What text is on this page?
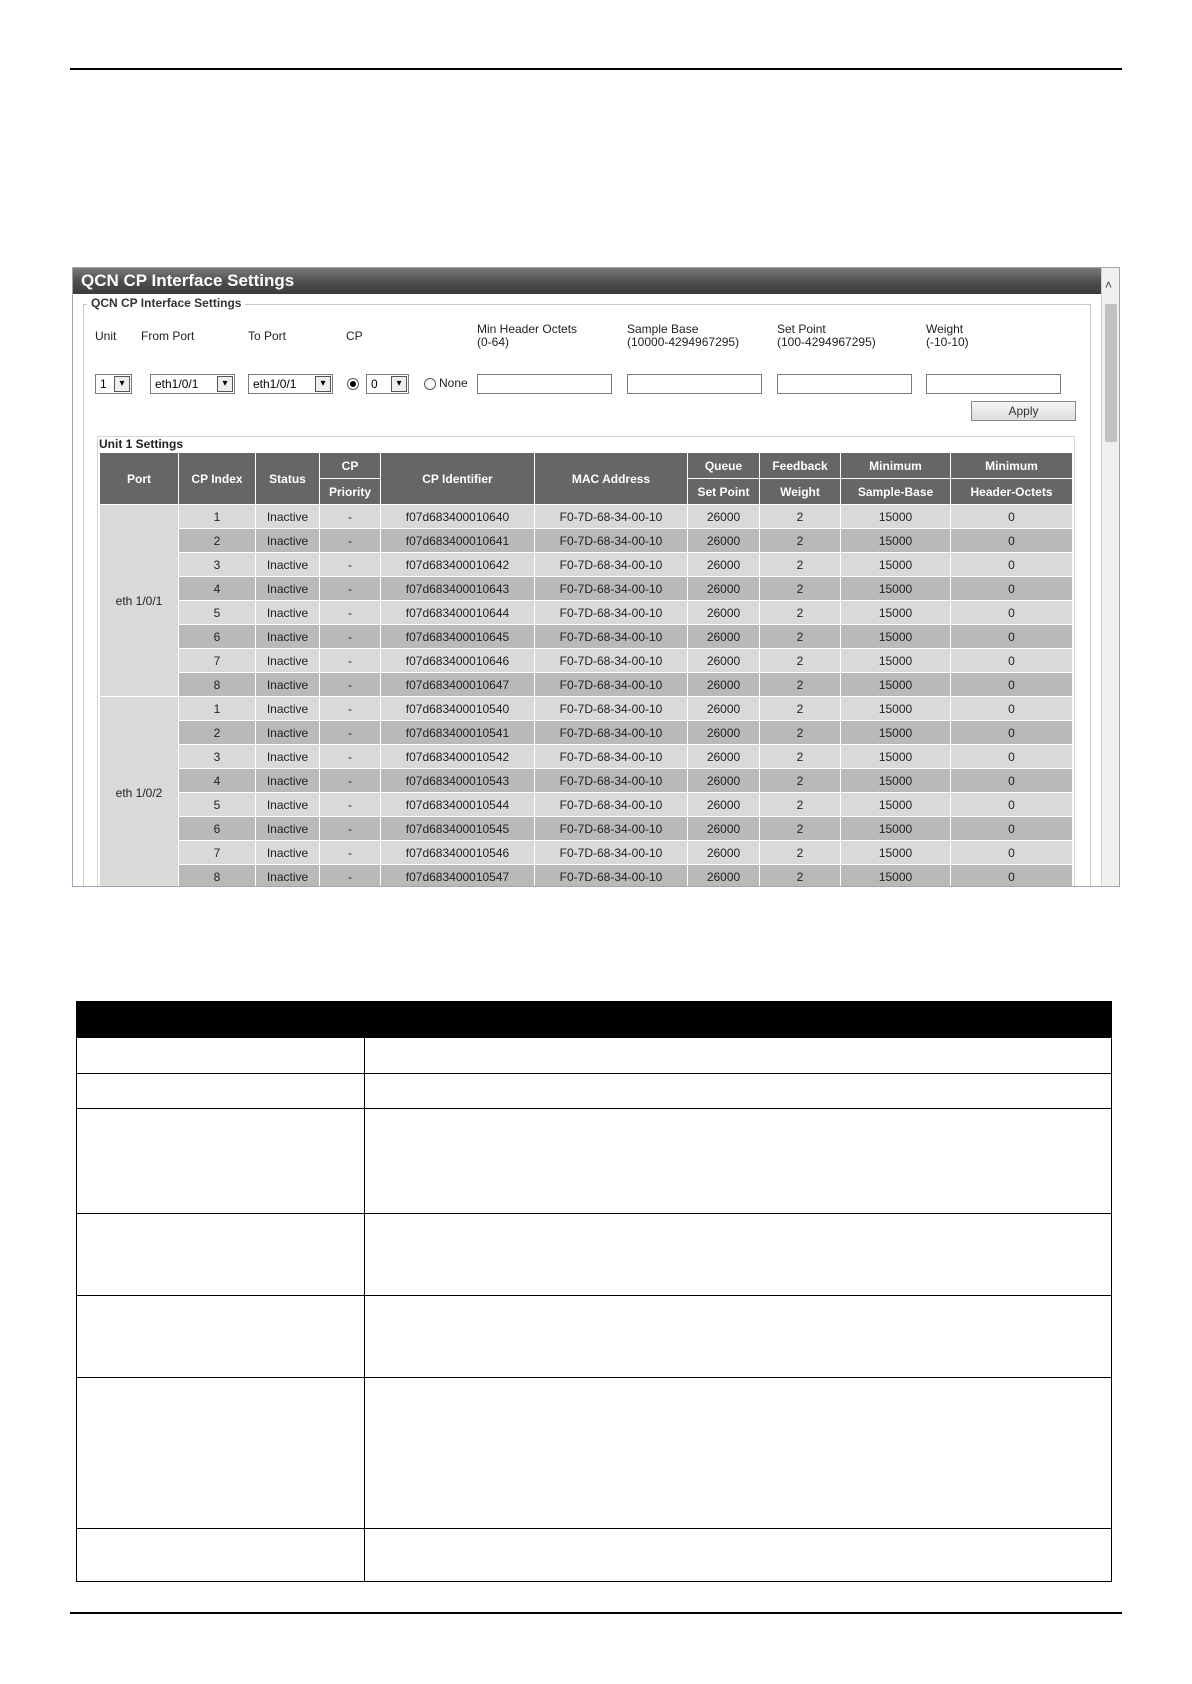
QCN CP Interface Settings	˄
QCN CP Interface Settings
Unit From Port	To Port	CP	Min Header Octets
(0-64)
Sample Base
(10000-4294967295)
Set Point
(100-4294967295)
Weight
(-10-10)
1	▾	eth1/0/1	▾	eth1/0/1	▾	0	▾	None
Apply
Unit 1 Settings
Port	CP Index	Status	CP	CP Identifier	MAC Address	Queue	Feedback	Minimum	Minimum
			Priority			Set Point	Weight	Sample-Base	Header-Octets
eth 1/0/1	1	Inactive	-	f07d683400010640	F0-7D-68-34-00-10	26000	2	15000	0
	2	Inactive	-	f07d683400010641	F0-7D-68-34-00-10	26000	2	15000	0
	3	Inactive	-	f07d683400010642	F0-7D-68-34-00-10	26000	2	15000	0
	4	Inactive	-	f07d683400010643	F0-7D-68-34-00-10	26000	2	15000	0
	5	Inactive	-	f07d683400010644	F0-7D-68-34-00-10	26000	2	15000	0
	6	Inactive	-	f07d683400010645	F0-7D-68-34-00-10	26000	2	15000	0
	7	Inactive	-	f07d683400010646	F0-7D-68-34-00-10	26000	2	15000	0
	8	Inactive	-	f07d683400010647	F0-7D-68-34-00-10	26000	2	15000	0
eth 1/0/2	1	Inactive	-	f07d683400010540	F0-7D-68-34-00-10	26000	2	15000	0
	2	Inactive	-	f07d683400010541	F0-7D-68-34-00-10	26000	2	15000	0
	3	Inactive	-	f07d683400010542	F0-7D-68-34-00-10	26000	2	15000	0
	4	Inactive	-	f07d683400010543	F0-7D-68-34-00-10	26000	2	15000	0
	5	Inactive	-	f07d683400010544	F0-7D-68-34-00-10	26000	2	15000	0
	6	Inactive	-	f07d683400010545	F0-7D-68-34-00-10	26000	2	15000	0
	7	Inactive	-	f07d683400010546	F0-7D-68-34-00-10	26000	2	15000	0
	8	Inactive	-	f07d683400010547	F0-7D-68-34-00-10	26000	2	15000	0
